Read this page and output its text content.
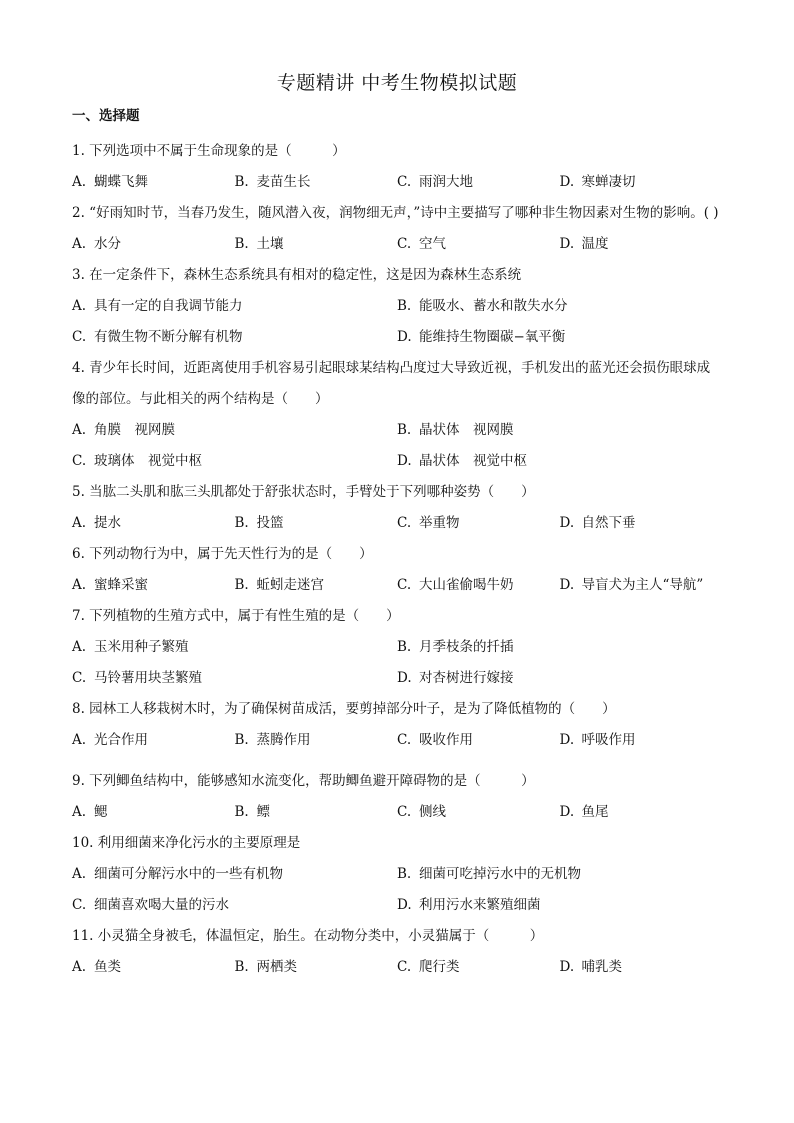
专题精讲 中考生物模拟试题
一、选择题
1. 下列选项中不属于生命现象的是（　　　）
A. 蝴蝶飞舞	B. 麦苗生长	C. 雨润大地	D. 寒蝉凄切
2. “好雨知时节，当春乃发生，随风潜入夜，润物细无声，”诗中主要描写了哪种非生物因素对生物的影响。( )
A. 水分	B. 土壤	C. 空气	D. 温度
3. 在一定条件下，森林生态系统具有相对的稳定性，这是因为森林生态系统
A. 具有一定的自我调节能力	B. 能吸水、蓄水和散失水分
C. 有微生物不断分解有机物	D. 能维持生物圈碳−氧平衡
4. 青少年长时间，近距离使用手机容易引起眼球某结构凸度过大导致近视，手机发出的蓝光还会损伤眼球成像的部位。与此相关的两个结构是（　　）
A. 角膜　视网膜	B. 晶状体　视网膜
C. 玻璃体　视觉中枢	D. 晶状体　视觉中枢
5. 当肱二头肌和肱三头肌都处于舒张状态时，手臂处于下列哪种姿势（　　）
A. 提水	B. 投篮	C. 举重物	D. 自然下垂
6. 下列动物行为中，属于先天性行为的是（　　）
A. 蜜蜂采蜜	B. 蚯蚓走迷宫	C. 大山雀偷喝牛奶	D. 导盲犬为主人“导航”
7. 下列植物的生殖方式中，属于有性生殖的是（　　）
A. 玉米用种子繁殖	B. 月季枝条的扦插
C. 马铃薯用块茎繁殖	D. 对杏树进行嫁接
8. 园林工人移栽树木时，为了确保树苗成活，要剪掉部分叶子，是为了降低植物的（　　）
A. 光合作用	B. 蒸腾作用	C. 吸收作用	D. 呼吸作用
9. 下列鲫鱼结构中，能够感知水流变化，帮助鲫鱼避开障碍物的是（　　　）
A. 鳃	B. 鳔	C. 侧线	D. 鱼尾
10. 利用细菌来净化污水的主要原理是
A. 细菌可分解污水中的一些有机物	B. 细菌可吃掉污水中的无机物
C. 细菌喜欢喝大量的污水	D. 利用污水来繁殖细菌
11. 小灵猫全身被毛，体温恒定，胎生。在动物分类中，小灵猫属于（　　　）
A. 鱼类	B. 两栖类	C. 爬行类	D. 哺乳类
